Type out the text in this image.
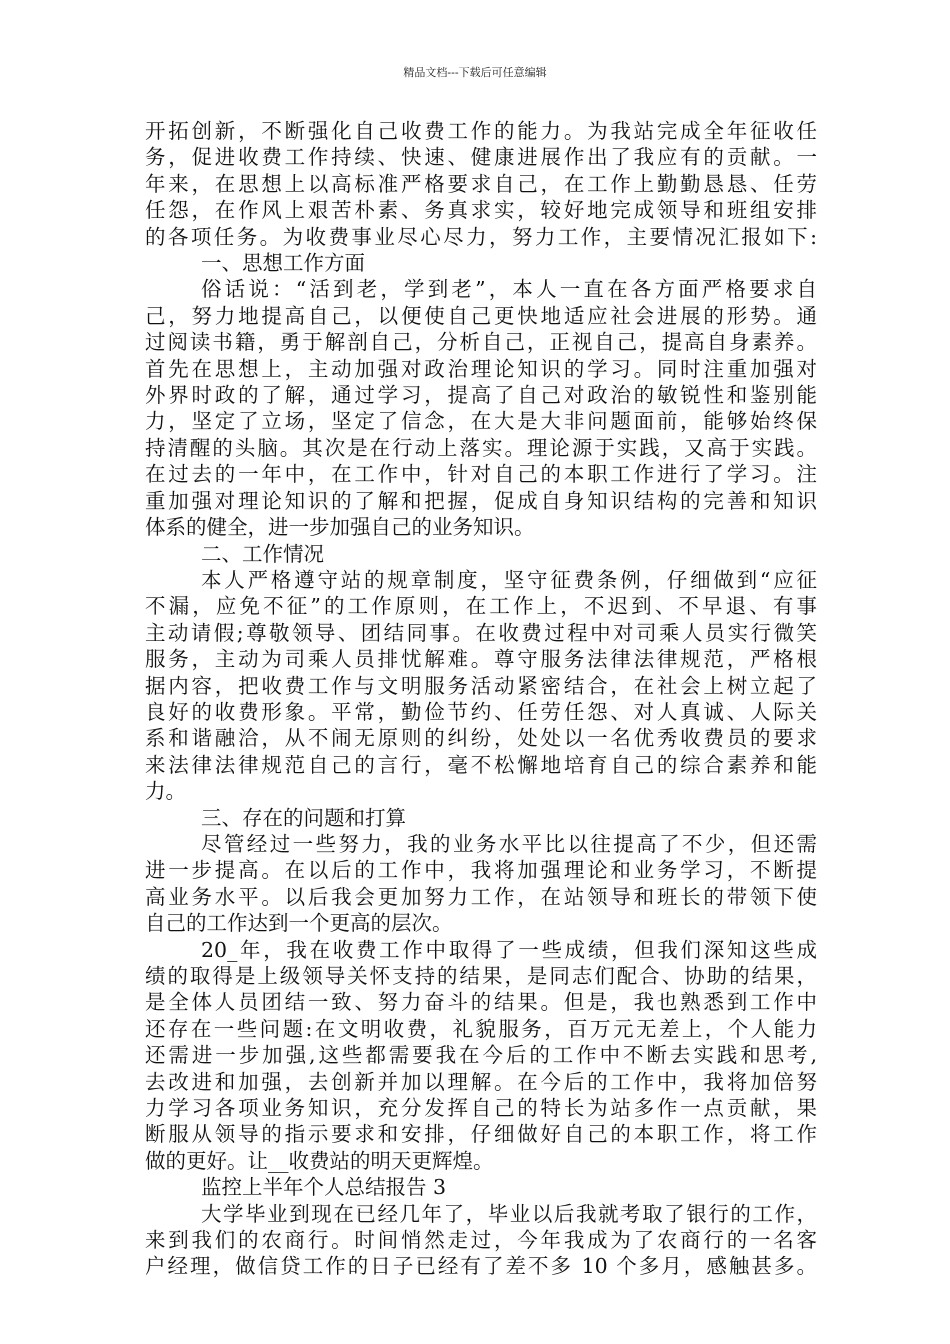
精品文档---下载后可任意编辑
开拓创新，不断强化自己收费工作的能力。为我站完成全年征收任
务，促进收费工作持续、快速、健康进展作出了我应有的贡献。一
年来，在思想上以高标准严格要求自己，在工作上勤勤恳恳、任劳
任怨，在作风上艰苦朴素、务真求实，较好地完成领导和班组安排
的各项任务。为收费事业尽心尽力，努力工作，主要情况汇报如下:
一、思想工作方面
俗话说：“活到老，学到老”，本人一直在各方面严格要求自
己，努力地提高自己，以便使自己更快地适应社会进展的形势。通
过阅读书籍，勇于解剖自己，分析自己，正视自己，提高自身素养。
首先在思想上，主动加强对政治理论知识的学习。同时注重加强对
外界时政的了解，通过学习，提高了自己对政治的敏锐性和鉴别能
力，坚定了立场，坚定了信念，在大是大非问题面前，能够始终保
持清醒的头脑。其次是在行动上落实。理论源于实践，又高于实践。
在过去的一年中，在工作中，针对自己的本职工作进行了学习。注
重加强对理论知识的了解和把握，促成自身知识结构的完善和知识
体系的健全，进一步加强自己的业务知识。
二、工作情况
本人严格遵守站的规章制度，坚守征费条例，仔细做到“应征
不漏，应免不征”的工作原则，在工作上，不迟到、不早退、有事
主动请假;尊敬领导、团结同事。在收费过程中对司乘人员实行微笑
服务，主动为司乘人员排忧解难。尊守服务法律法律规范，严格根
据内容，把收费工作与文明服务活动紧密结合，在社会上树立起了
良好的收费形象。平常，勤俭节约、任劳任怨、对人真诚、人际关
系和谐融洽，从不闹无原则的纠纷，处处以一名优秀收费员的要求
来法律法律规范自己的言行，毫不松懈地培育自己的综合素养和能
力。
三、存在的问题和打算
尽管经过一些努力，我的业务水平比以往提高了不少，但还需
进一步提高。在以后的工作中，我将加强理论和业务学习，不断提
高业务水平。以后我会更加努力工作，在站领导和班长的带领下使
自己的工作达到一个更高的层次。
20_年，我在收费工作中取得了一些成绩，但我们深知这些成
绩的取得是上级领导关怀支持的结果，是同志们配合、协助的结果，
是全体人员团结一致、努力奋斗的结果。但是，我也熟悉到工作中
还存在一些问题:在文明收费，礼貌服务，百万元无差上，个人能力
还需进一步加强,这些都需要我在今后的工作中不断去实践和思考,
去改进和加强，去创新并加以理解。在今后的工作中，我将加倍努
力学习各项业务知识，充分发挥自己的特长为站多作一点贡献，果
断服从领导的指示要求和安排，仔细做好自己的本职工作，将工作
做的更好。让__收费站的明天更辉煌。
监控上半年个人总结报告 3
大学毕业到现在已经几年了，毕业以后我就考取了银行的工作，
来到我们的农商行。时间悄然走过，今年我成为了农商行的一名客
户经理，做信贷工作的日子已经有了差不多 10 个多月，感触甚多。
